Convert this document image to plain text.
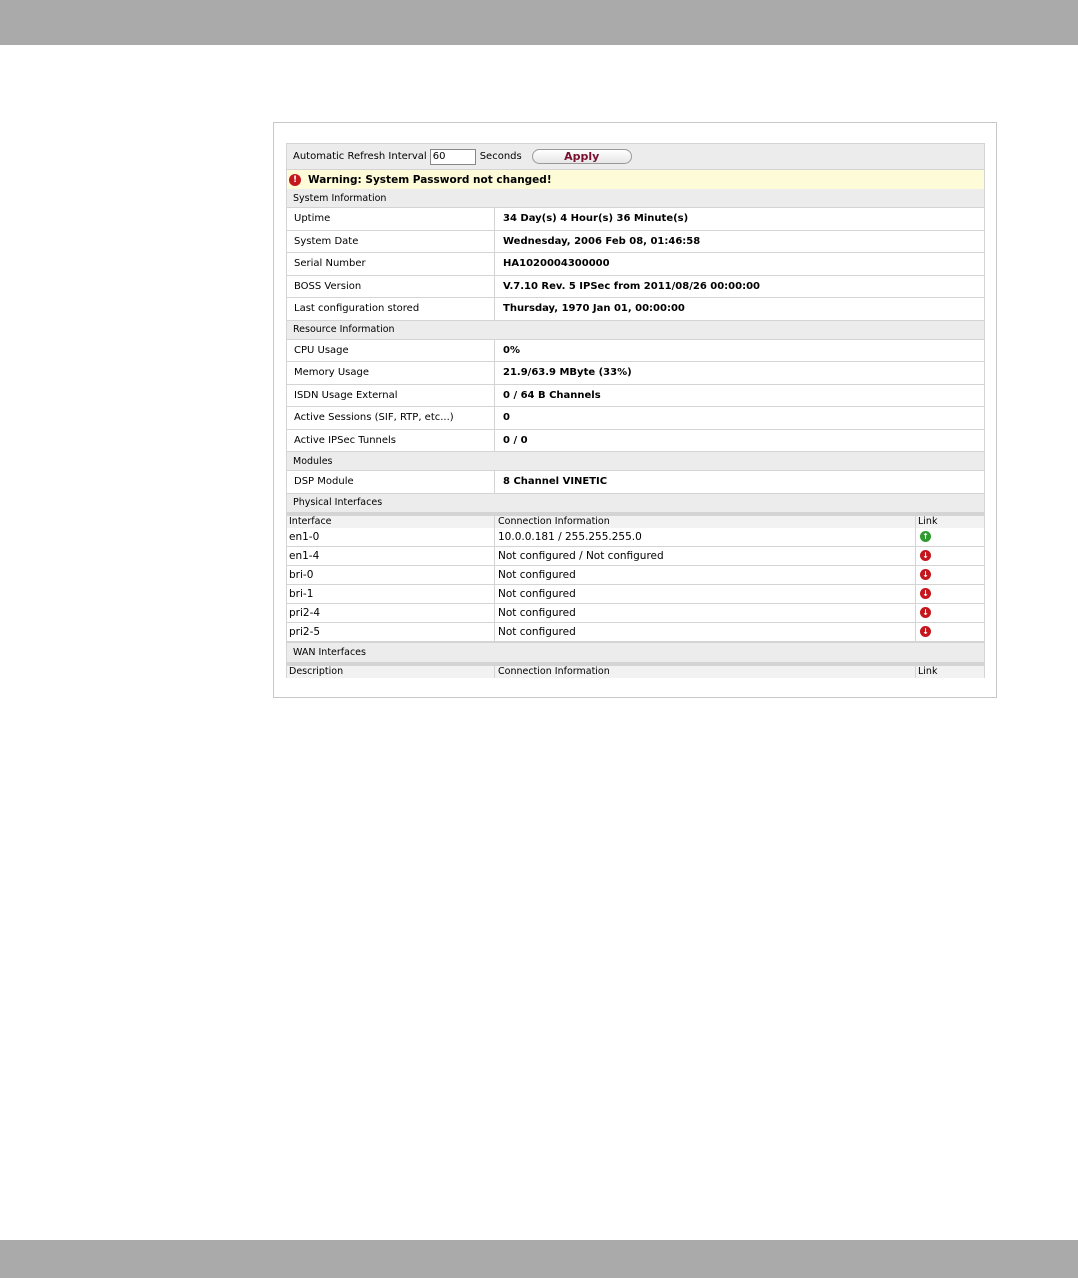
Automatic Refresh Interval
60	Seconds	Apply
!	Warning: System Password not changed!
System Information
Uptime	34 Day(s) 4 Hour(s) 36 Minute(s)
System Date	Wednesday, 2006 Feb 08, 01:46:58
Serial Number	HA1020004300000
BOSS Version	V.7.10 Rev. 5 IPSec from 2011/08/26 00:00:00
Last configuration stored	Thursday, 1970 Jan 01, 00:00:00
Resource Information
CPU Usage	0%
Memory Usage	21.9/63.9 MByte (33%)
ISDN Usage External	0 / 64 B Channels
Active Sessions (SIF, RTP, etc...)	0
Active IPSec Tunnels	0 / 0
Modules
DSP Module	8 Channel VINETIC
Physical Interfaces
Interface	Connection Information	Link
en1-0	10.0.0.181 / 255.255.255.0	↑
en1-4	Not configured / Not configured	↓
bri-0	Not configured	↓
bri-1	Not configured	↓
pri2-4	Not configured	↓
pri2-5	Not configured	↓
WAN Interfaces
Description	Connection Information	Link
